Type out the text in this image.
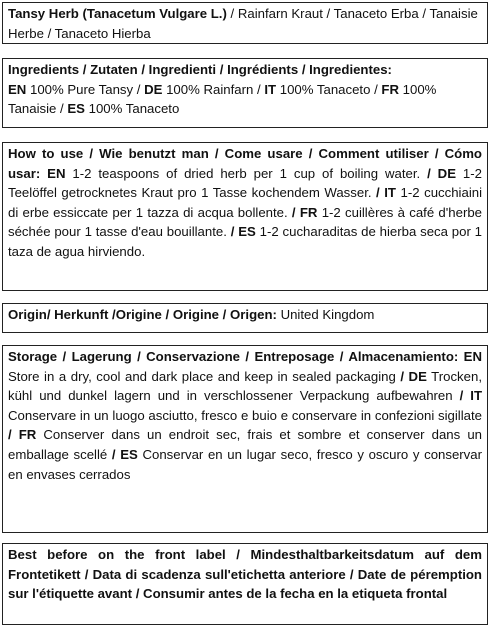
Tansy Herb (Tanacetum Vulgare L.) / Rainfarn Kraut / Tanaceto Erba / Tanaisie Herbe / Tanaceto Hierba
Ingredients / Zutaten / Ingredienti / Ingrédients / Ingredientes:
EN 100% Pure Tansy / DE 100% Rainfarn / IT 100% Tanaceto / FR 100% Tanaisie / ES 100% Tanaceto
How to use / Wie benutzt man / Come usare / Comment utiliser / Cómo usar: EN 1-2 teaspoons of dried herb per 1 cup of boiling water. / DE 1-2 Teelöffel getrocknetes Kraut pro 1 Tasse kochendem Wasser. / IT 1-2 cucchiaini di erbe essiccate per 1 tazza di acqua bollente. / FR 1-2 cuillères à café d'herbe séchée pour 1 tasse d'eau bouillante. / ES 1-2 cucharaditas de hierba seca por 1 taza de agua hirviendo.
Origin/ Herkunft /Origine / Origine / Origen: United Kingdom
Storage / Lagerung / Conservazione / Entreposage / Almacenamiento: EN Store in a dry, cool and dark place and keep in sealed packaging / DE Trocken, kühl und dunkel lagern und in verschlossener Verpackung aufbewahren / IT Conservare in un luogo asciutto, fresco e buio e conservare in confezioni sigillate / FR Conserver dans un endroit sec, frais et sombre et conserver dans un emballage scellé / ES Conservar en un lugar seco, fresco y oscuro y conservar en envases cerrados
Best before on the front label / Mindesthaltbarkeitsdatum auf dem Frontetikett / Data di scadenza sull'etichetta anteriore / Date de péremption sur l'étiquette avant / Consumir antes de la fecha en la etiqueta frontal
